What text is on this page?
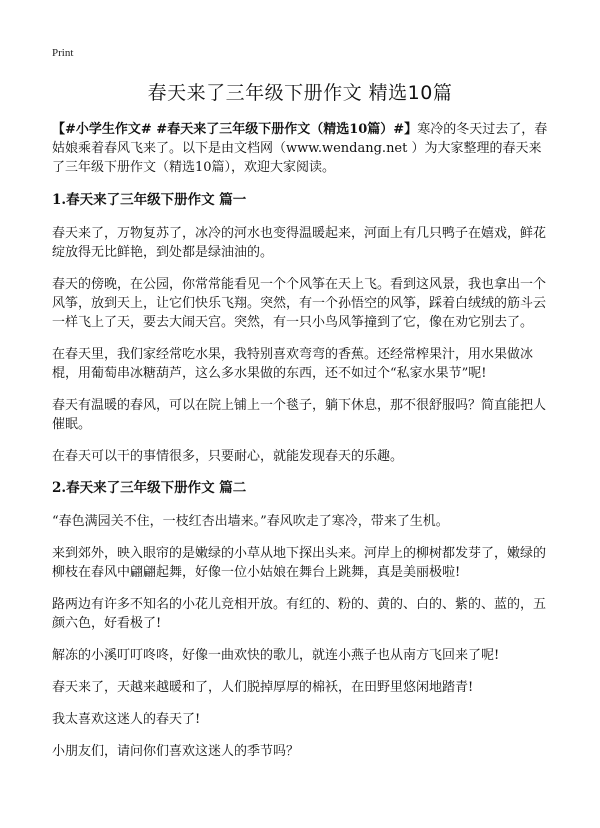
Print
春天来了三年级下册作文 精选10篇

【#小学生作文# #春天来了三年级下册作文（精选10篇）#】寒冷的冬天过去了，春姑娘乘着春风飞来了。以下是由文档网（www.wendang.net ）为大家整理的春天来了三年级下册作文（精选10篇），欢迎大家阅读。

1.春天来了三年级下册作文 篇一

春天来了，万物复苏了，冰冷的河水也变得温暖起来，河面上有几只鸭子在嬉戏，鲜花绽放得无比鲜艳，到处都是绿油油的。

春天的傍晚，在公园，你常常能看见一个个风筝在天上飞。看到这风景，我也拿出一个风筝，放到天上，让它们快乐飞翔。突然，有一个孙悟空的风筝，踩着白绒绒的筋斗云一样飞上了天，要去大闹天宫。突然，有一只小鸟风筝撞到了它，像在劝它别去了。

在春天里，我们家经常吃水果，我特别喜欢弯弯的香蕉。还经常榨果汁，用水果做冰棍，用葡萄串冰糖葫芦，这么多水果做的东西，还不如过个“私家水果节”呢!

春天有温暖的春风，可以在院上铺上一个毯子，躺下休息，那不很舒服吗？简直能把人催眠。

在春天可以干的事情很多，只要耐心，就能发现春天的乐趣。

2.春天来了三年级下册作文 篇二

“春色满园关不住，一枝红杏出墙来。”春风吹走了寒冷，带来了生机。

来到郊外，映入眼帘的是嫩绿的小草从地下探出头来。河岸上的柳树都发芽了，嫩绿的柳枝在春风中翩翩起舞，好像一位小姑娘在舞台上跳舞，真是美丽极啦!

路两边有许多不知名的小花儿竞相开放。有红的、粉的、黄的、白的、紫的、蓝的，五颜六色，好看极了!

解冻的小溪叮叮咚咚，好像一曲欢快的歌儿，就连小燕子也从南方飞回来了呢!

春天来了，天越来越暖和了，人们脱掉厚厚的棉袄，在田野里悠闲地踏青!

我太喜欢这迷人的春天了!

小朋友们，请问你们喜欢这迷人的季节吗？
